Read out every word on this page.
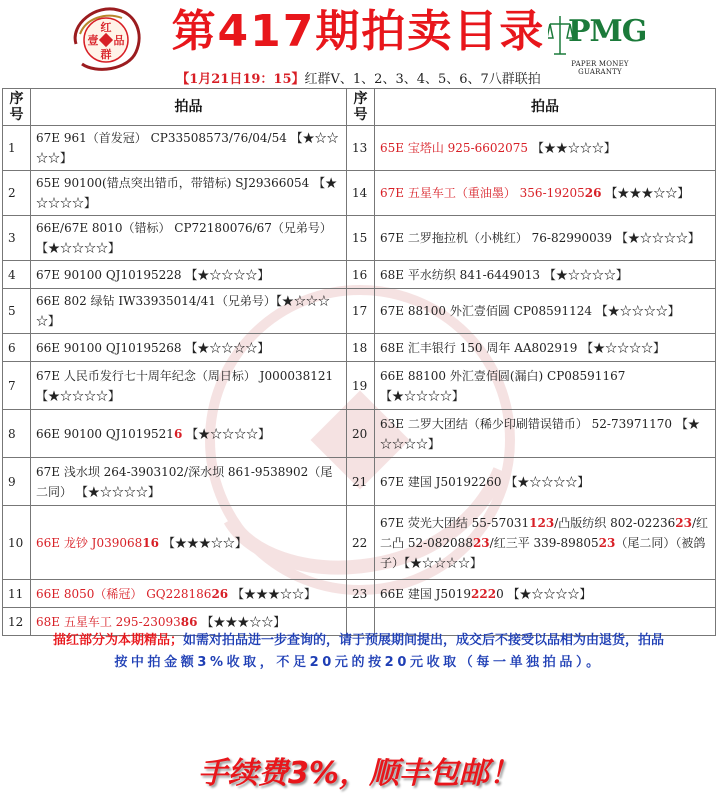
红
壹 品
群	第417期拍卖目录 PMG
PAPER MONEY GUARANTY
【1月21日19：15】红群V、1、2、3、4、5、6、7八群联拍
序号	拍品	序号	拍品
1	67E 961（首发冠） CP33508573/76/04/54 【★☆☆☆☆】	13	65E 宝塔山 925-6602075 【★★☆☆☆】
2	65E 90100(错点突出错币，带错标) SJ29366054 【★☆☆☆☆】	14	67E 五星车工（重油墨） 356-1920526 【★★★☆☆】
3	66E/67E 8010（错标） CP72180076/67（兄弟号）【★☆☆☆☆】	15	67E 二罗拖拉机（小桃红） 76-82990039 【★☆☆☆☆】
4	67E 90100 QJ10195228 【★☆☆☆☆】	16	68E 平水纺织 841-6449013 【★☆☆☆☆】
5	66E 802 绿钻 IW33935014/41（兄弟号）【★☆☆☆☆】	17	67E 88100 外汇壹佰圆 CP08591124 【★☆☆☆☆】
6	66E 90100 QJ10195268 【★☆☆☆☆】	18	68E 汇丰银行 150 周年 AA802919 【★☆☆☆☆】
7	67E 人民币发行七十周年纪念（周日标） J000038121 【★☆☆☆☆】	19	66E 88100 外汇壹佰圆(漏白) CP08591167 【★☆☆☆☆】
8	66E 90100 QJ10195216 【★☆☆☆☆】	20	63E 二罗大团结（稀少印刷错误错币） 52-73971170 【★☆☆☆☆】
9	67E 浅水坝 264-3903102/深水坝 861-9538902（尾二同） 【★☆☆☆☆】	21	67E 建国 J50192260 【★☆☆☆☆】
10	66E 龙钞 J03906816 【★★★☆☆】	22	67E 荧光大团结 55-57031123/凸版纺织 802-0223623/红二凸 52-08208823/红三平 339-8980523（尾二同）（被鸽子）【★☆☆☆☆】
11	66E 8050（稀冠） GQ22818626 【★★★☆☆】	23	66E 建国 J50192220 【★☆☆☆☆】
12	68E 五星车工 295-2309386 【★★★☆☆】		
描红部分为本期精品；如需对拍品进一步查询的，请于预展期间提出，成交后不接受以品相为由退货，拍品
按中拍金额3%收取，不足20元的按20元收取（每一单独拍品）。
手续费3%，顺丰包邮！
